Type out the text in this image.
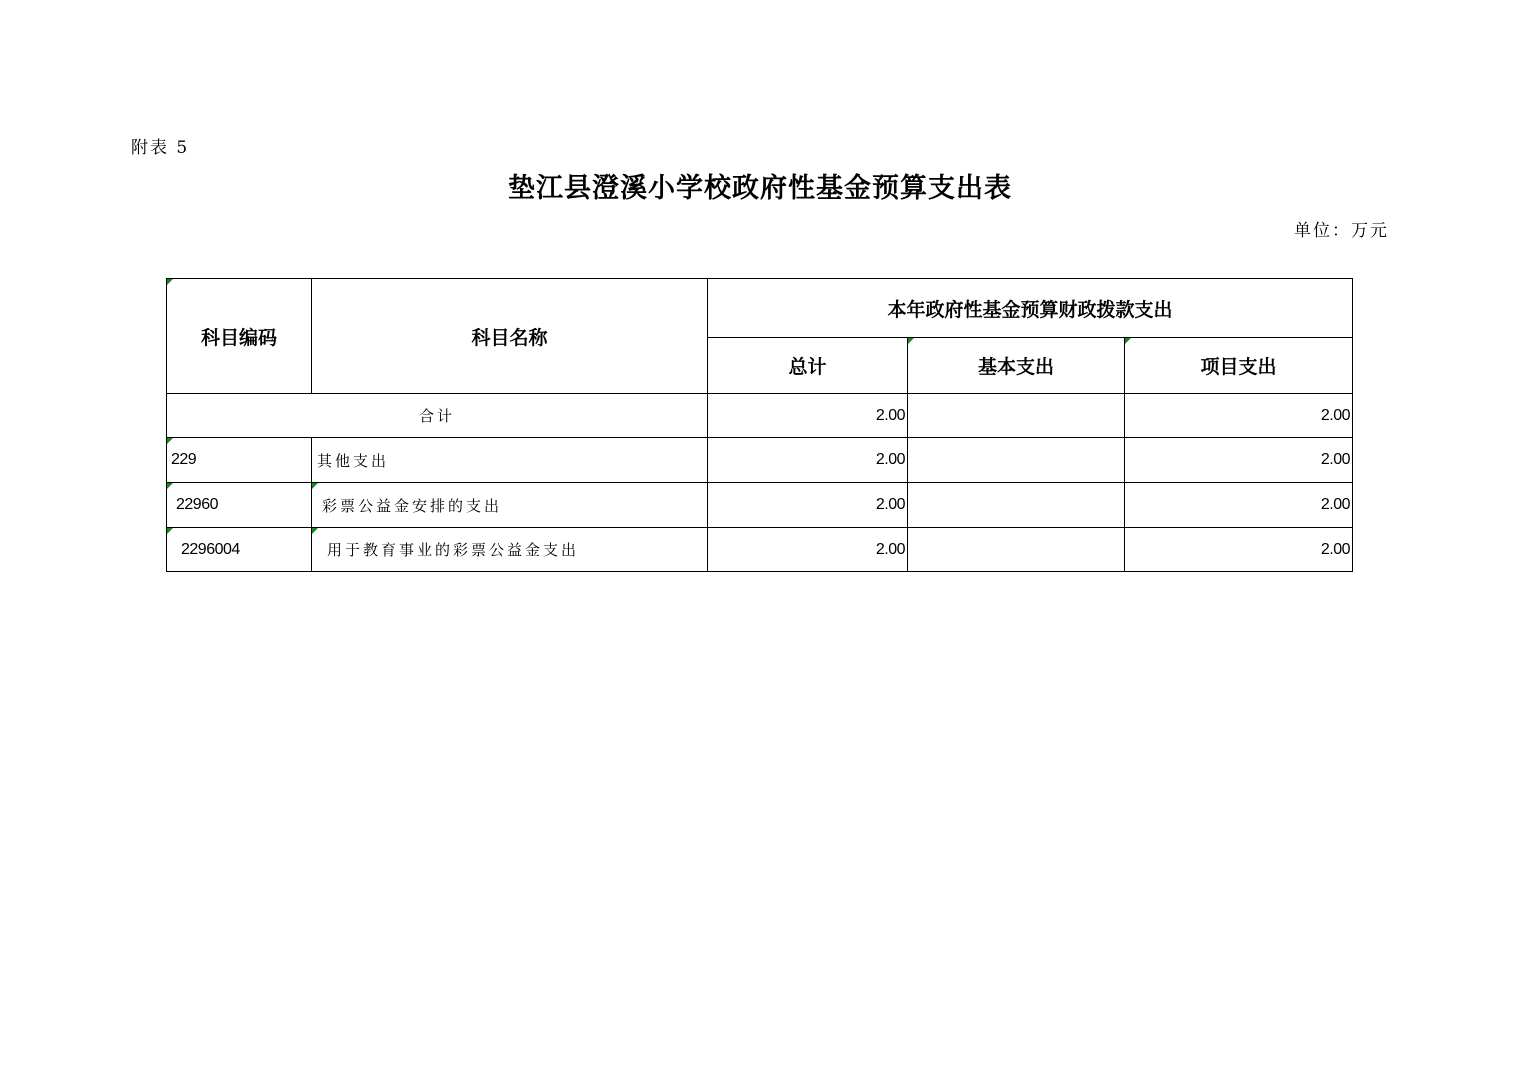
附表 5
垫江县澄溪小学校政府性基金预算支出表
单位：万元
科目编码	科目名称	本年政府性基金预算财政拨款支出		
		总计	基本支出	项目支出
合计		2.00		2.00

229	其他支出	2.00		2.00

22960	彩票公益金安排的支出	2.00		2.00

2296004	用于教育事业的彩票公益金支出	2.00		2.00
